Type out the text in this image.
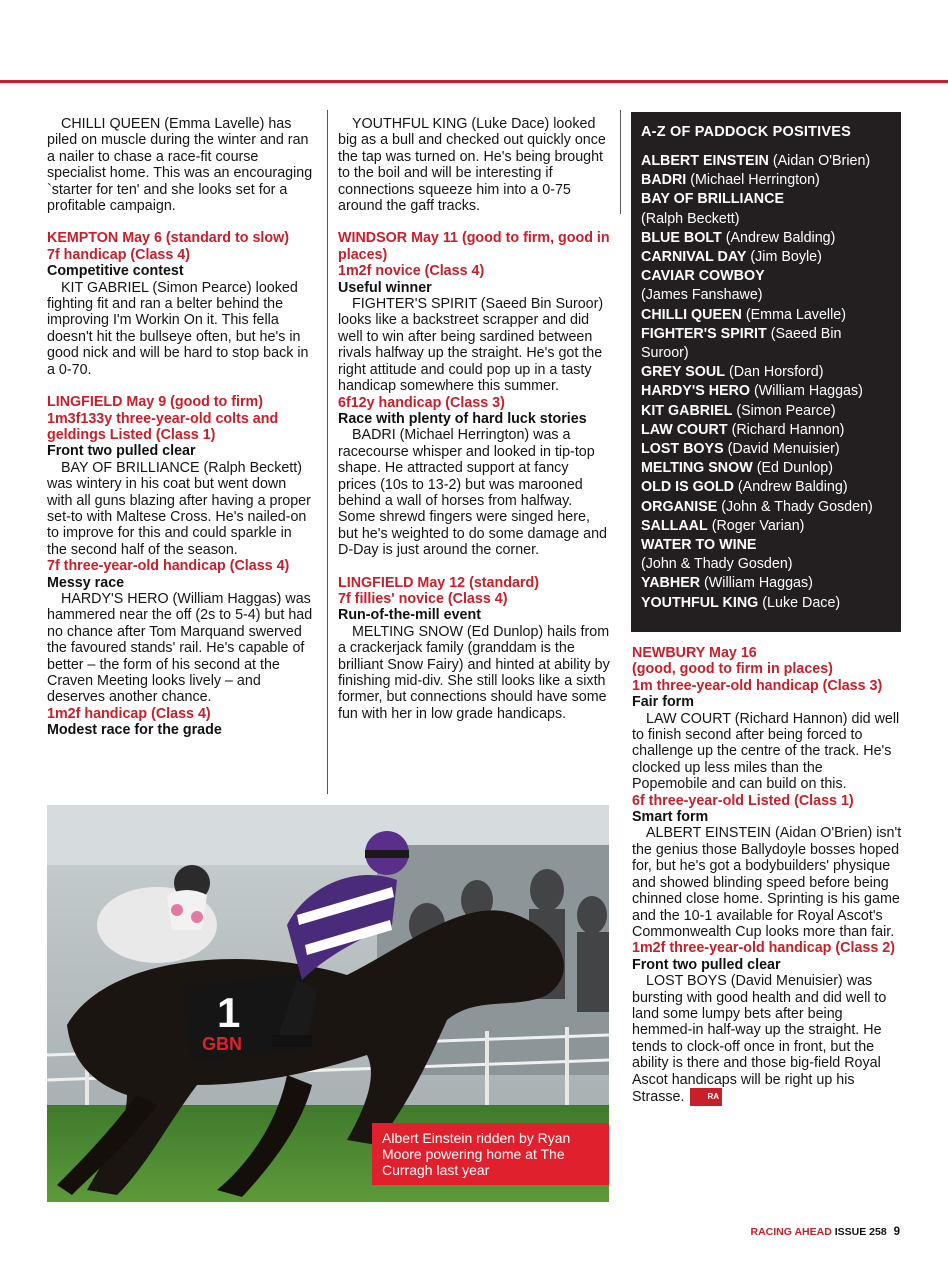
CHILLI QUEEN (Emma Lavelle) has piled on muscle during the winter and ran a nailer to chase a race-fit course specialist home. This was an encouraging `starter for ten' and she looks set for a profitable campaign.

KEMPTON May 6 (standard to slow)

7f handicap (Class 4)

Competitive contest

KIT GABRIEL (Simon Pearce) looked fighting fit and ran a belter behind the improving I'm Workin On it. This fella doesn't hit the bullseye often, but he's in good nick and will be hard to stop back in a 0-70.

LINGFIELD May 9 (good to firm)

1m3f133y three-year-old colts and geldings Listed (Class 1)

Front two pulled clear

BAY OF BRILLIANCE (Ralph Beckett) was wintery in his coat but went down with all guns blazing after having a proper set-to with Maltese Cross. He's nailed-on to improve for this and could sparkle in the second half of the season.

7f three-year-old handicap (Class 4)

Messy race

HARDY'S HERO (William Haggas) was hammered near the off (2s to 5-4) but had no chance after Tom Marquand swerved the favoured stands' rail. He's capable of better – the form of his second at the Craven Meeting looks lively – and deserves another chance.

1m2f handicap (Class 4)

Modest race for the grade

YOUTHFUL KING (Luke Dace) looked big as a bull and checked out quickly once the tap was turned on. He's being brought to the boil and will be interesting if connections squeeze him into a 0-75 around the gaff tracks.

WINDSOR May 11 (good to firm, good in places)

1m2f novice (Class 4)

Useful winner

FIGHTER'S SPIRIT (Saeed Bin Suroor) looks like a backstreet scrapper and did well to win after being sardined between rivals halfway up the straight. He's got the right attitude and could pop up in a tasty handicap somewhere this summer.

6f12y handicap (Class 3)

Race with plenty of hard luck stories

BADRI (Michael Herrington) was a racecourse whisper and looked in tip-top shape. He attracted support at fancy prices (10s to 13-2) but was marooned behind a wall of horses from halfway. Some shrewd fingers were singed here, but he's weighted to do some damage and D-Day is just around the corner.

LINGFIELD May 12 (standard)

7f fillies' novice (Class 4)

Run-of-the-mill event

MELTING SNOW (Ed Dunlop) hails from a crackerjack family (granddam is the brilliant Snow Fairy) and hinted at ability by finishing mid-div. She still looks like a sixth former, but connections should have some fun with her in low grade handicaps.

A-Z OF PADDOCK POSITIVES
ALBERT EINSTEIN (Aidan O'Brien)
BADRI (Michael Herrington)
BAY OF BRILLIANCE
(Ralph Beckett)
BLUE BOLT (Andrew Balding)
CARNIVAL DAY (Jim Boyle)
CAVIAR COWBOY
(James Fanshawe)
CHILLI QUEEN (Emma Lavelle)
FIGHTER'S SPIRIT (Saeed Bin
Suroor)
GREY SOUL (Dan Horsford)
HARDY'S HERO (William Haggas)
KIT GABRIEL (Simon Pearce)
LAW COURT (Richard Hannon)
LOST BOYS (David Menuisier)
MELTING SNOW (Ed Dunlop)
OLD IS GOLD (Andrew Balding)
ORGANISE (John & Thady Gosden)
SALLAAL (Roger Varian)
WATER TO WINE
(John & Thady Gosden)
YABHER (William Haggas)
YOUTHFUL KING (Luke Dace)

NEWBURY May 16

(good, good to firm in places)

1m three-year-old handicap (Class 3)

Fair form

LAW COURT (Richard Hannon) did well to finish second after being forced to challenge up the centre of the track. He's clocked up less miles than the Popemobile and can build on this.

6f three-year-old Listed (Class 1)

Smart form

ALBERT EINSTEIN (Aidan O'Brien) isn't the genius those Ballydoyle bosses hoped for, but he's got a bodybuilders' physique and showed blinding speed before being chinned close home. Sprinting is his game and the 10-1 available for Royal Ascot's Commonwealth Cup looks more than fair.

1m2f three-year-old handicap (Class 2)

Front two pulled clear

LOST BOYS (David Menuisier) was bursting with good health and did well to land some lumpy bets after being hemmed-in half-way up the straight. He tends to clock-off once in front, but the ability is there and those big-field Royal Ascot handicaps will be right up his Strasse.	RA

1
GBN
Albert Einstein ridden by Ryan Moore powering home at The Curragh last year
RACING AHEAD ISSUE 258 9
